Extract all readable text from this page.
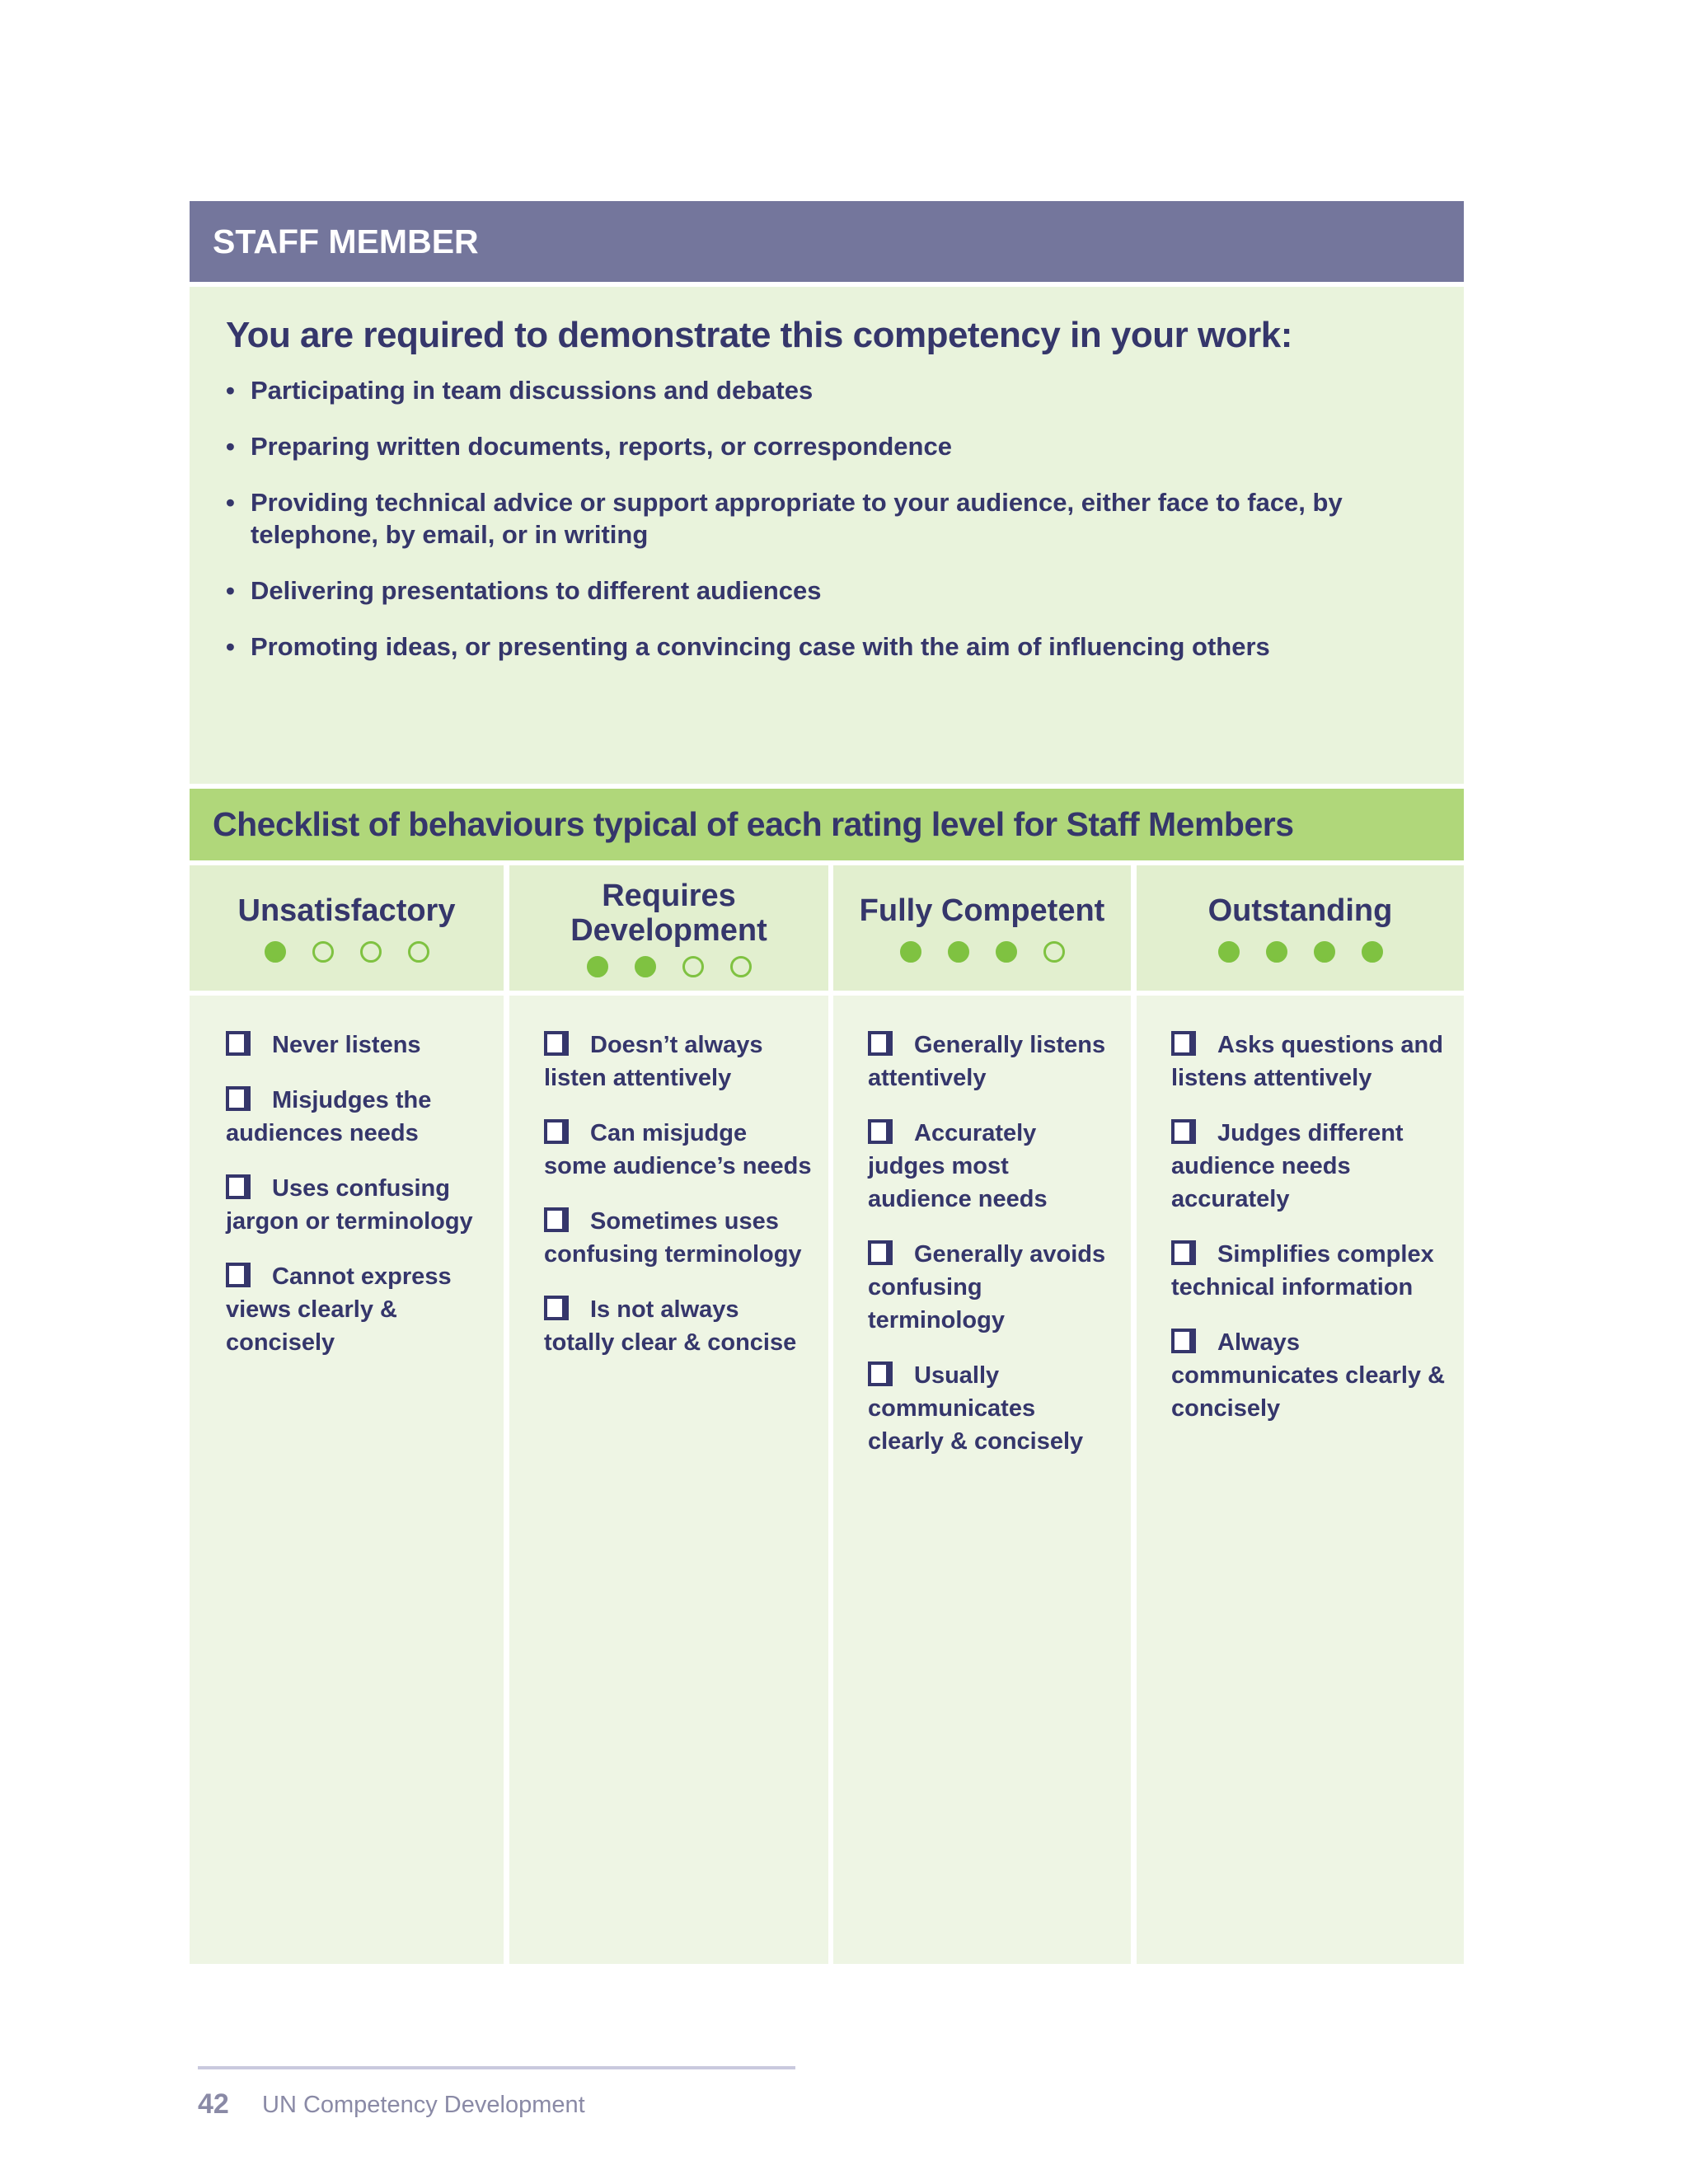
STAFF MEMBER
You are required to demonstrate this competency in your work:
• Participating in team discussions and debates
• Preparing written documents, reports, or correspondence
• Providing technical advice or support appropriate to your audience, either face to face, by telephone, by email, or in writing
• Delivering presentations to different audiences
• Promoting ideas, or presenting a convincing case with the aim of influencing others
Checklist of behaviours typical of each rating level for Staff Members
Unsatisfactory
Never listens
Misjudges the audiences needs
Uses confusing jargon or terminology
Cannot express views clearly & concisely
Requires Development
Doesn’t always listen attentively
Can misjudge some audience’s needs
Sometimes uses confusing terminology
Is not always totally clear & concise
Fully Competent
Generally listens attentively
Accurately judges most audience needs
Generally avoids confusing terminology
Usually communicates clearly & concisely
Outstanding
Asks questions and listens attentively
Judges different audience needs accurately
Simplifies complex technical information
Always communicates clearly & concisely
42 UN Competency Development
